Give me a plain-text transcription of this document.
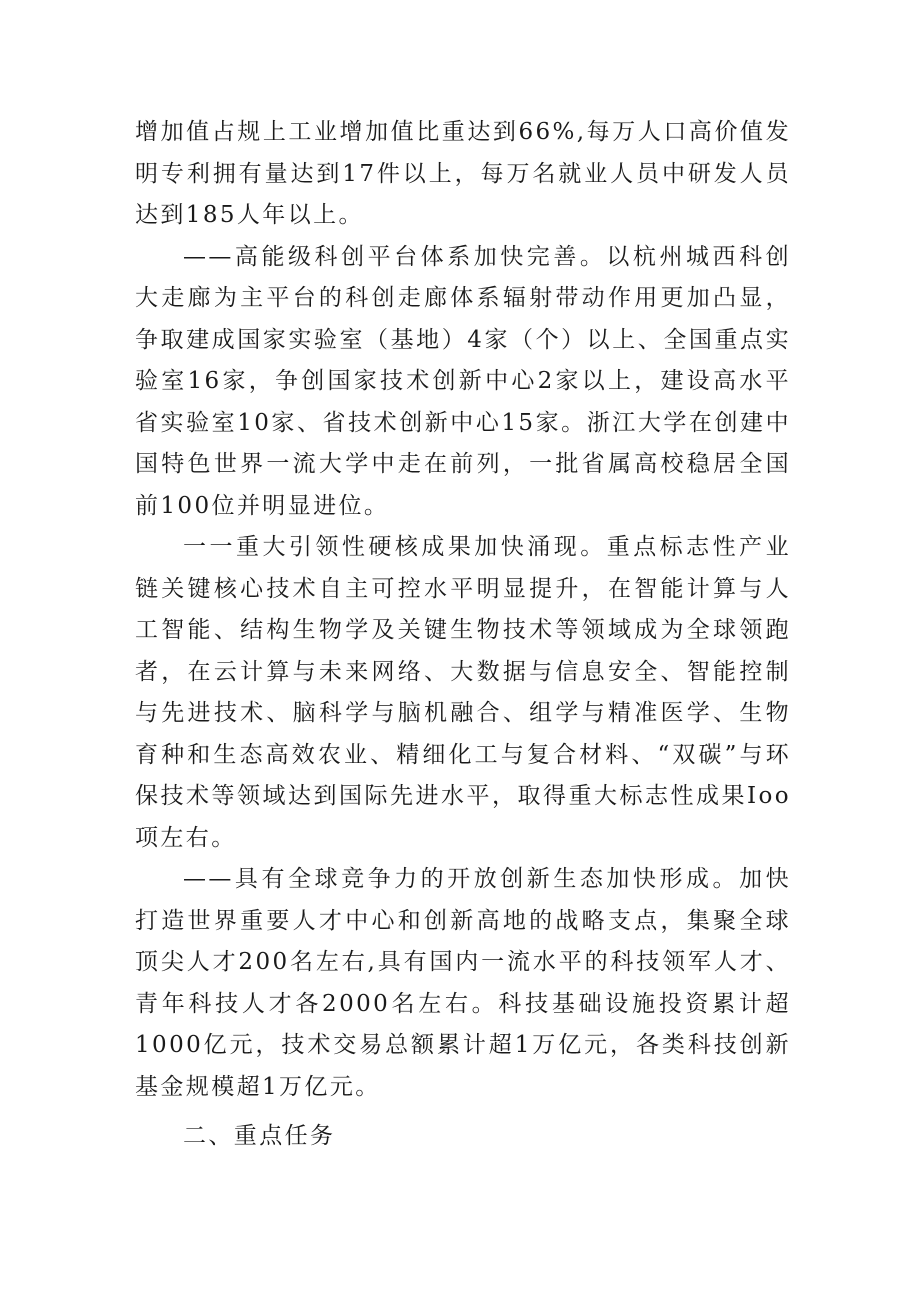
增加值占规上工业增加值比重达到66%,每万人口高价值发明专利拥有量达到17件以上，每万名就业人员中研发人员达到185人年以上。

——高能级科创平台体系加快完善。以杭州城西科创大走廊为主平台的科创走廊体系辐射带动作用更加凸显，争取建成国家实验室（基地）4家（个）以上、全国重点实验室16家，争创国家技术创新中心2家以上，建设高水平省实验室10家、省技术创新中心15家。浙江大学在创建中国特色世界一流大学中走在前列，一批省属高校稳居全国前100位并明显进位。

一一重大引领性硬核成果加快涌现。重点标志性产业链关键核心技术自主可控水平明显提升，在智能计算与人工智能、结构生物学及关键生物技术等领域成为全球领跑者，在云计算与未来网络、大数据与信息安全、智能控制与先进技术、脑科学与脑机融合、组学与精准医学、生物育种和生态高效农业、精细化工与复合材料、“双碳”与环保技术等领域达到国际先进水平，取得重大标志性成果Ioo项左右。

——具有全球竞争力的开放创新生态加快形成。加快打造世界重要人才中心和创新高地的战略支点，集聚全球顶尖人才200名左右,具有国内一流水平的科技领军人才、青年科技人才各2000名左右。科技基础设施投资累计超1000亿元，技术交易总额累计超1万亿元，各类科技创新基金规模超1万亿元。

二、重点任务
